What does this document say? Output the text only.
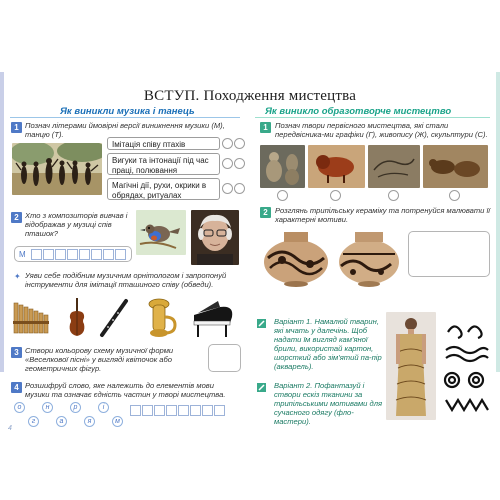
ВСТУП. Походження мистецтва
Як виникли музика і танець	Як виникло образотворче мистецтво
1 Познач літерами ймовірні версії виникнення музики (М), танцю (Т).
Імітація співу птахів
Вигуки та інтонації під час праці, полювання
Магічні дії, рухи, окрики в обрядах, ритуалах
2 Хто з композиторів вивчав і відображав у музиці спів пташок?
М
✦ Уяви себе подібним музичним орнітологом і запропонуй інструменти для імітації пташиного співу (обведи).
3 Створи кольорову схему музичної форми «Веселкової пісні» у вигляді квіточок або геометричних фігур.
4 Розшифруй слово, яке належить до елементів мови музики та означає єдність частин у творі мистецтва.
о	н	р	і
г	а	я	м
4
1 Познач твори первісного мистецтва, які стали передвісника-ми графіки (Г), живопису (Ж), скульптури (С).
2 Розглянь трипільську кераміку та потренуйся малювати її характерні мотиви.
Варіант 1. Намалюй тварин, які мчать у далечінь. Щоб надати їм вигляд кам'яної брили, використай картон, шорсткий або зім'ятий па-пір (акварель).
Варіант 2. Пофантазуй і створи ескіз тканини за трипільськими мотивами для сучасного одягу (фло-мастери).
